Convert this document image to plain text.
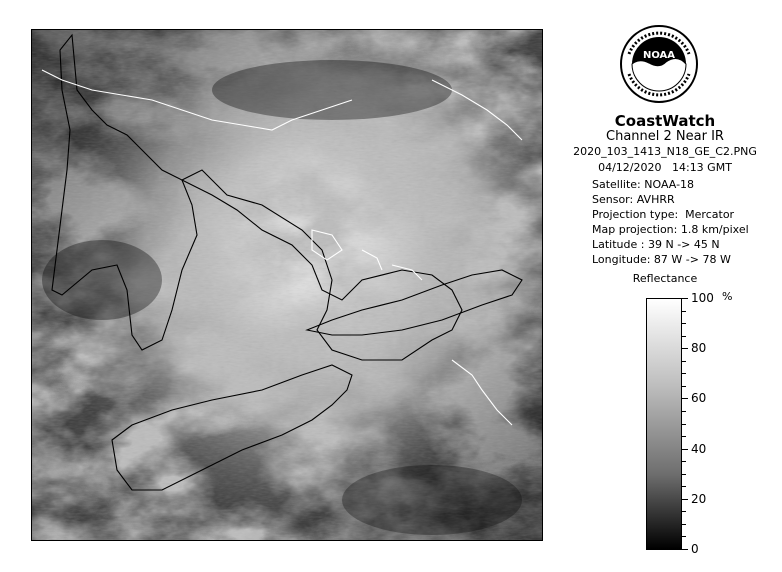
NOAA
CoastWatch
Channel 2 Near IR
2020_103_1413_N18_GE_C2.PNG
04/12/2020 14:13 GMT
Satellite: NOAA-18
Sensor: AVHRR
Projection type: Mercator
Map projection: 1.8 km/pixel
Latitude : 39 N -> 45 N
Longitude: 87 W -> 78 W
Reflectance
%
100
80
60
40
20
0
